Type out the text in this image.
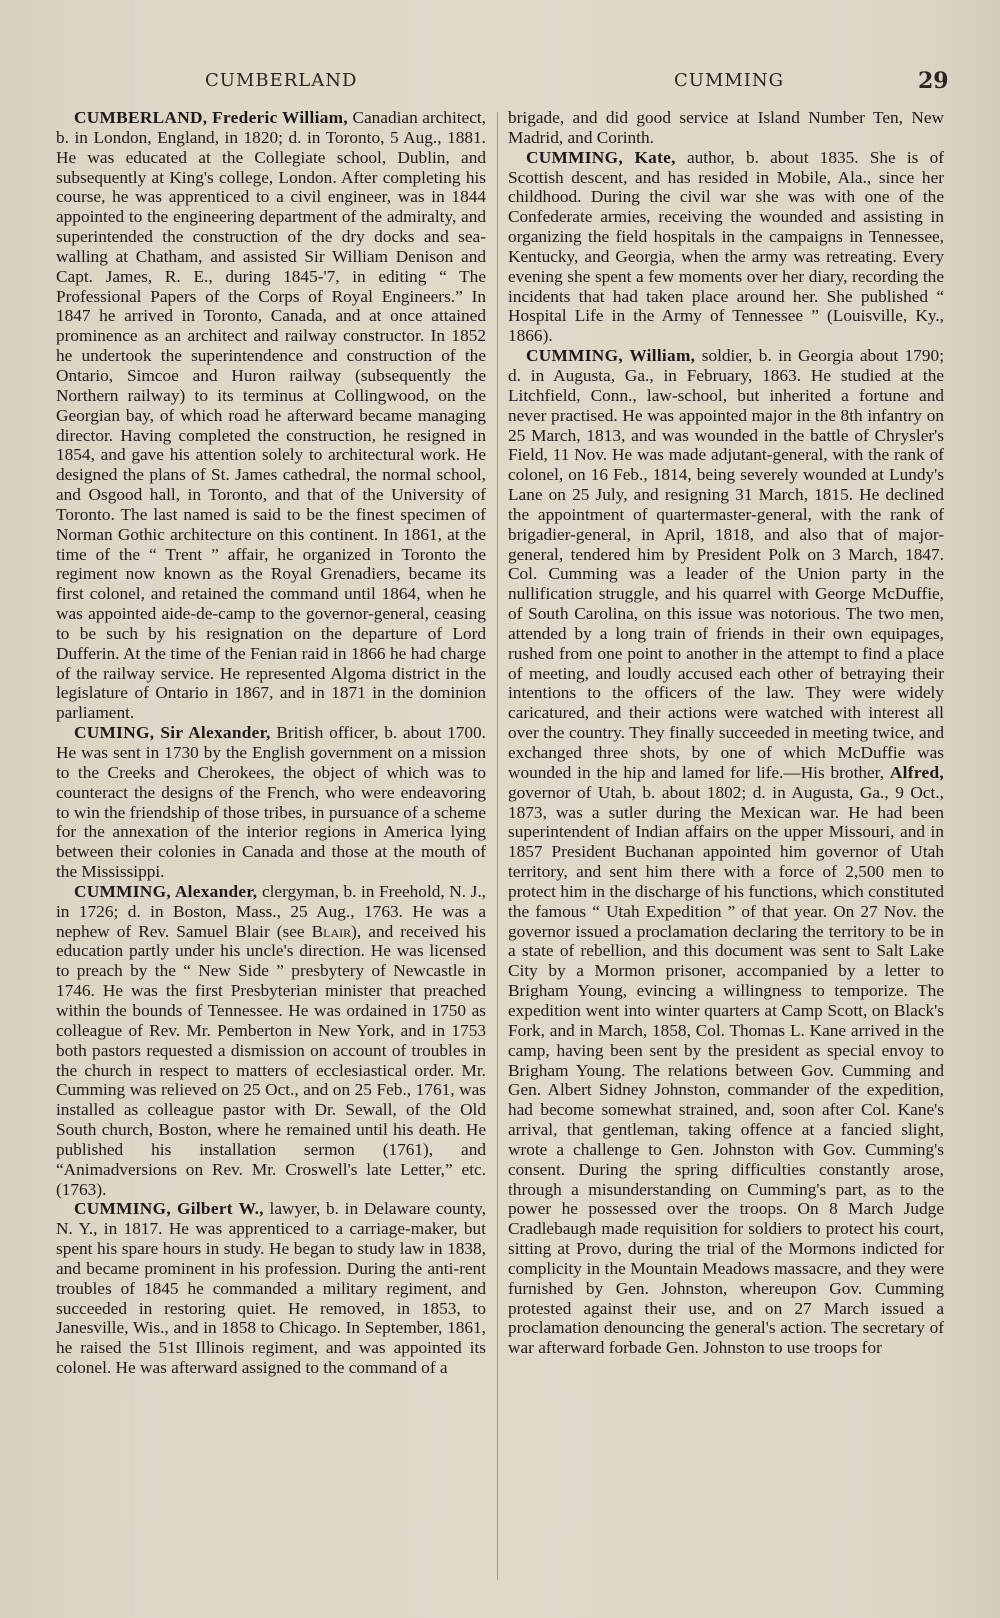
CUMBERLAND	CUMMING	29

CUMBERLAND, Frederic William, Canadian architect, b. in London, England, in 1820; d. in Toronto, 5 Aug., 1881. He was educated at the Collegiate school, Dublin, and subsequently at King's college, London. After completing his course, he was apprenticed to a civil engineer, was in 1844 appointed to the engineering department of the admiralty, and superintended the construction of the dry docks and sea-walling at Chatham, and assisted Sir William Denison and Capt. James, R. E., during 1845-'7, in editing “ The Professional Papers of the Corps of Royal Engineers.” In 1847 he arrived in Toronto, Canada, and at once attained prominence as an architect and railway constructor. In 1852 he undertook the superintendence and construction of the Ontario, Simcoe and Huron railway (subsequently the Northern railway) to its terminus at Collingwood, on the Georgian bay, of which road he afterward became managing director. Having completed the construction, he resigned in 1854, and gave his attention solely to architectural work. He designed the plans of St. James cathedral, the normal school, and Osgood hall, in Toronto, and that of the University of Toronto. The last named is said to be the finest specimen of Norman Gothic architecture on this continent. In 1861, at the time of the “ Trent ” affair, he organized in Toronto the regiment now known as the Royal Grenadiers, became its first colonel, and retained the command until 1864, when he was appointed aide-de-camp to the governor-general, ceasing to be such by his resignation on the departure of Lord Dufferin. At the time of the Fenian raid in 1866 he had charge of the railway service. He represented Algoma district in the legislature of Ontario in 1867, and in 1871 in the dominion parliament.

CUMING, Sir Alexander, British officer, b. about 1700. He was sent in 1730 by the English government on a mission to the Creeks and Cherokees, the object of which was to counteract the designs of the French, who were endeavoring to win the friendship of those tribes, in pursuance of a scheme for the annexation of the interior regions in America lying between their colonies in Canada and those at the mouth of the Mississippi.

CUMMING, Alexander, clergyman, b. in Freehold, N. J., in 1726; d. in Boston, Mass., 25 Aug., 1763. He was a nephew of Rev. Samuel Blair (see Blair), and received his education partly under his uncle's direction. He was licensed to preach by the “ New Side ” presbytery of Newcastle in 1746. He was the first Presbyterian minister that preached within the bounds of Tennessee. He was ordained in 1750 as colleague of Rev. Mr. Pemberton in New York, and in 1753 both pastors requested a dismission on account of troubles in the church in respect to matters of ecclesiastical order. Mr. Cumming was relieved on 25 Oct., and on 25 Feb., 1761, was installed as colleague pastor with Dr. Sewall, of the Old South church, Boston, where he remained until his death. He published his installation sermon (1761), and “Animadversions on Rev. Mr. Croswell's late Letter,” etc. (1763).

CUMMING, Gilbert W., lawyer, b. in Delaware county, N. Y., in 1817. He was apprenticed to a carriage-maker, but spent his spare hours in study. He began to study law in 1838, and became prominent in his profession. During the anti-rent troubles of 1845 he commanded a military regiment, and succeeded in restoring quiet. He removed, in 1853, to Janesville, Wis., and in 1858 to Chicago. In September, 1861, he raised the 51st Illinois regiment, and was appointed its colonel. He was afterward assigned to the command of a

brigade, and did good service at Island Number Ten, New Madrid, and Corinth.

CUMMING, Kate, author, b. about 1835. She is of Scottish descent, and has resided in Mobile, Ala., since her childhood. During the civil war she was with one of the Confederate armies, receiving the wounded and assisting in organizing the field hospitals in the campaigns in Tennessee, Kentucky, and Georgia, when the army was retreating. Every evening she spent a few moments over her diary, recording the incidents that had taken place around her. She published “ Hospital Life in the Army of Tennessee ” (Louisville, Ky., 1866).

CUMMING, William, soldier, b. in Georgia about 1790; d. in Augusta, Ga., in February, 1863. He studied at the Litchfield, Conn., law-school, but inherited a fortune and never practised. He was appointed major in the 8th infantry on 25 March, 1813, and was wounded in the battle of Chrysler's Field, 11 Nov. He was made adjutant-general, with the rank of colonel, on 16 Feb., 1814, being severely wounded at Lundy's Lane on 25 July, and resigning 31 March, 1815. He declined the appointment of quartermaster-general, with the rank of brigadier-general, in April, 1818, and also that of major-general, tendered him by President Polk on 3 March, 1847. Col. Cumming was a leader of the Union party in the nullification struggle, and his quarrel with George McDuffie, of South Carolina, on this issue was notorious. The two men, attended by a long train of friends in their own equipages, rushed from one point to another in the attempt to find a place of meeting, and loudly accused each other of betraying their intentions to the officers of the law. They were widely caricatured, and their actions were watched with interest all over the country. They finally succeeded in meeting twice, and exchanged three shots, by one of which McDuffie was wounded in the hip and lamed for life.—His brother, Alfred, governor of Utah, b. about 1802; d. in Augusta, Ga., 9 Oct., 1873, was a sutler during the Mexican war. He had been superintendent of Indian affairs on the upper Missouri, and in 1857 President Buchanan appointed him governor of Utah territory, and sent him there with a force of 2,500 men to protect him in the discharge of his functions, which constituted the famous “ Utah Expedition ” of that year. On 27 Nov. the governor issued a proclamation declaring the territory to be in a state of rebellion, and this document was sent to Salt Lake City by a Mormon prisoner, accompanied by a letter to Brigham Young, evincing a willingness to temporize. The expedition went into winter quarters at Camp Scott, on Black's Fork, and in March, 1858, Col. Thomas L. Kane arrived in the camp, having been sent by the president as special envoy to Brigham Young. The relations between Gov. Cumming and Gen. Albert Sidney Johnston, commander of the expedition, had become somewhat strained, and, soon after Col. Kane's arrival, that gentleman, taking offence at a fancied slight, wrote a challenge to Gen. Johnston with Gov. Cumming's consent. During the spring difficulties constantly arose, through a misunderstanding on Cumming's part, as to the power he possessed over the troops. On 8 March Judge Cradlebaugh made requisition for soldiers to protect his court, sitting at Provo, during the trial of the Mormons indicted for complicity in the Mountain Meadows massacre, and they were furnished by Gen. Johnston, whereupon Gov. Cumming protested against their use, and on 27 March issued a proclamation denouncing the general's action. The secretary of war afterward forbade Gen. Johnston to use troops for
